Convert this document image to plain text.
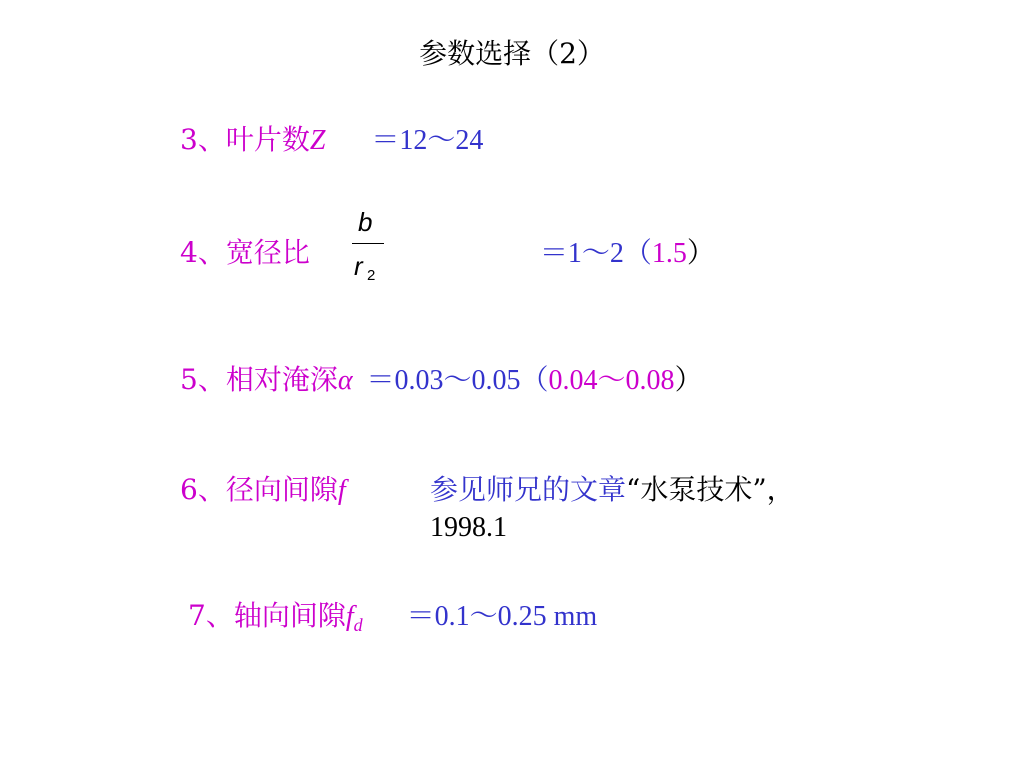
参数选择（2）
3、叶片数Z ＝12～24
4、宽径比	＝1～2（1.5）
b
r 2
5、相对淹深α ＝0.03～0.05（0.04～0.08）
6、径向间隙f	参见师兄的文章“水泵技术”，
1998.1
7、轴向间隙$f_d$ ＝0.1～0.25 mm
